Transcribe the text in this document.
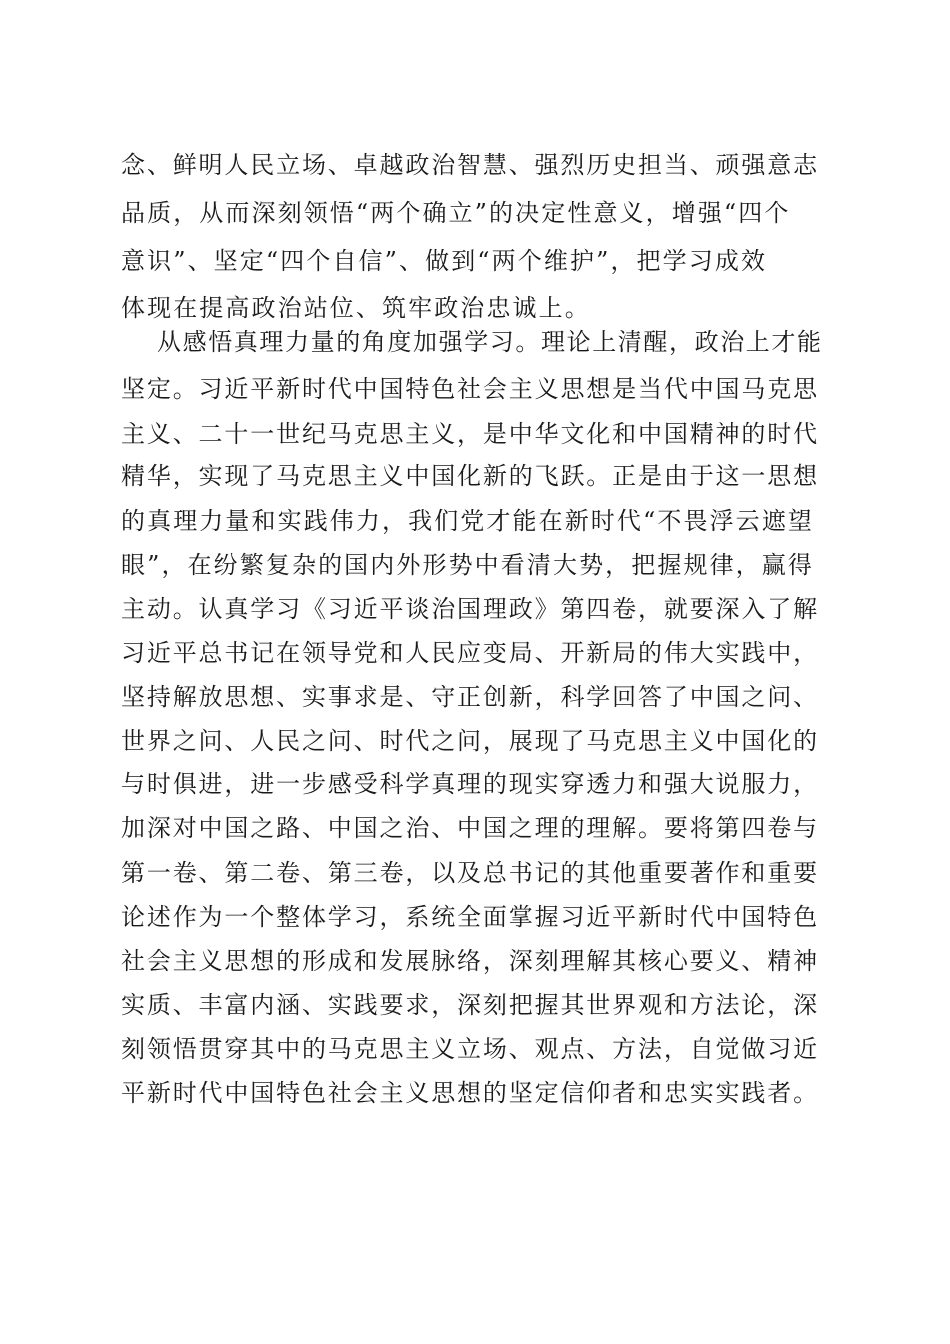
念、鲜明人民立场、卓越政治智慧、强烈历史担当、顽强意志
品质，从而深刻领悟“两个确立”的决定性意义，增强“四个
意识”、坚定“四个自信”、做到“两个维护”，把学习成效
体现在提高政治站位、筑牢政治忠诚上。
从感悟真理力量的角度加强学习。理论上清醒，政治上才能
坚定。习近平新时代中国特色社会主义思想是当代中国马克思
主义、二十一世纪马克思主义，是中华文化和中国精神的时代
精华，实现了马克思主义中国化新的飞跃。正是由于这一思想
的真理力量和实践伟力，我们党才能在新时代“不畏浮云遮望
眼”，在纷繁复杂的国内外形势中看清大势，把握规律，赢得
主动。认真学习《习近平谈治国理政》第四卷，就要深入了解
习近平总书记在领导党和人民应变局、开新局的伟大实践中，
坚持解放思想、实事求是、守正创新，科学回答了中国之问、
世界之问、人民之问、时代之问，展现了马克思主义中国化的
与时俱进，进一步感受科学真理的现实穿透力和强大说服力，
加深对中国之路、中国之治、中国之理的理解。要将第四卷与
第一卷、第二卷、第三卷，以及总书记的其他重要著作和重要
论述作为一个整体学习，系统全面掌握习近平新时代中国特色
社会主义思想的形成和发展脉络，深刻理解其核心要义、精神
实质、丰富内涵、实践要求，深刻把握其世界观和方法论，深
刻领悟贯穿其中的马克思主义立场、观点、方法，自觉做习近
平新时代中国特色社会主义思想的坚定信仰者和忠实实践者。
